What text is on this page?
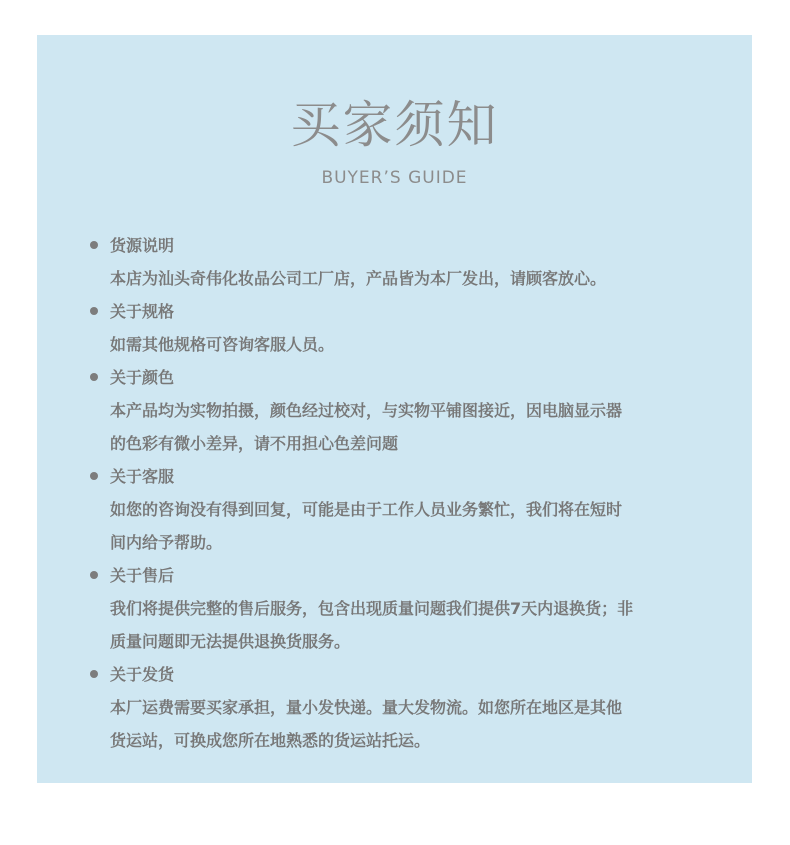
买家须知
BUYER’S GUIDE
货源说明
本店为汕头奇伟化妆品公司工厂店，产品皆为本厂发出，请顾客放心。
关于规格
如需其他规格可咨询客服人员。
关于颜色
本产品均为实物拍摄，颜色经过校对，与实物平铺图接近，因电脑显示器
的色彩有微小差异，请不用担心色差问题
关于客服
如您的咨询没有得到回复，可能是由于工作人员业务繁忙，我们将在短时
间内给予帮助。
关于售后
我们将提供完整的售后服务，包含出现质量问题我们提供7天内退换货；非
质量问题即无法提供退换货服务。
关于发货
本厂运费需要买家承担，量小发快递。量大发物流。如您所在地区是其他
货运站，可换成您所在地熟悉的货运站托运。
